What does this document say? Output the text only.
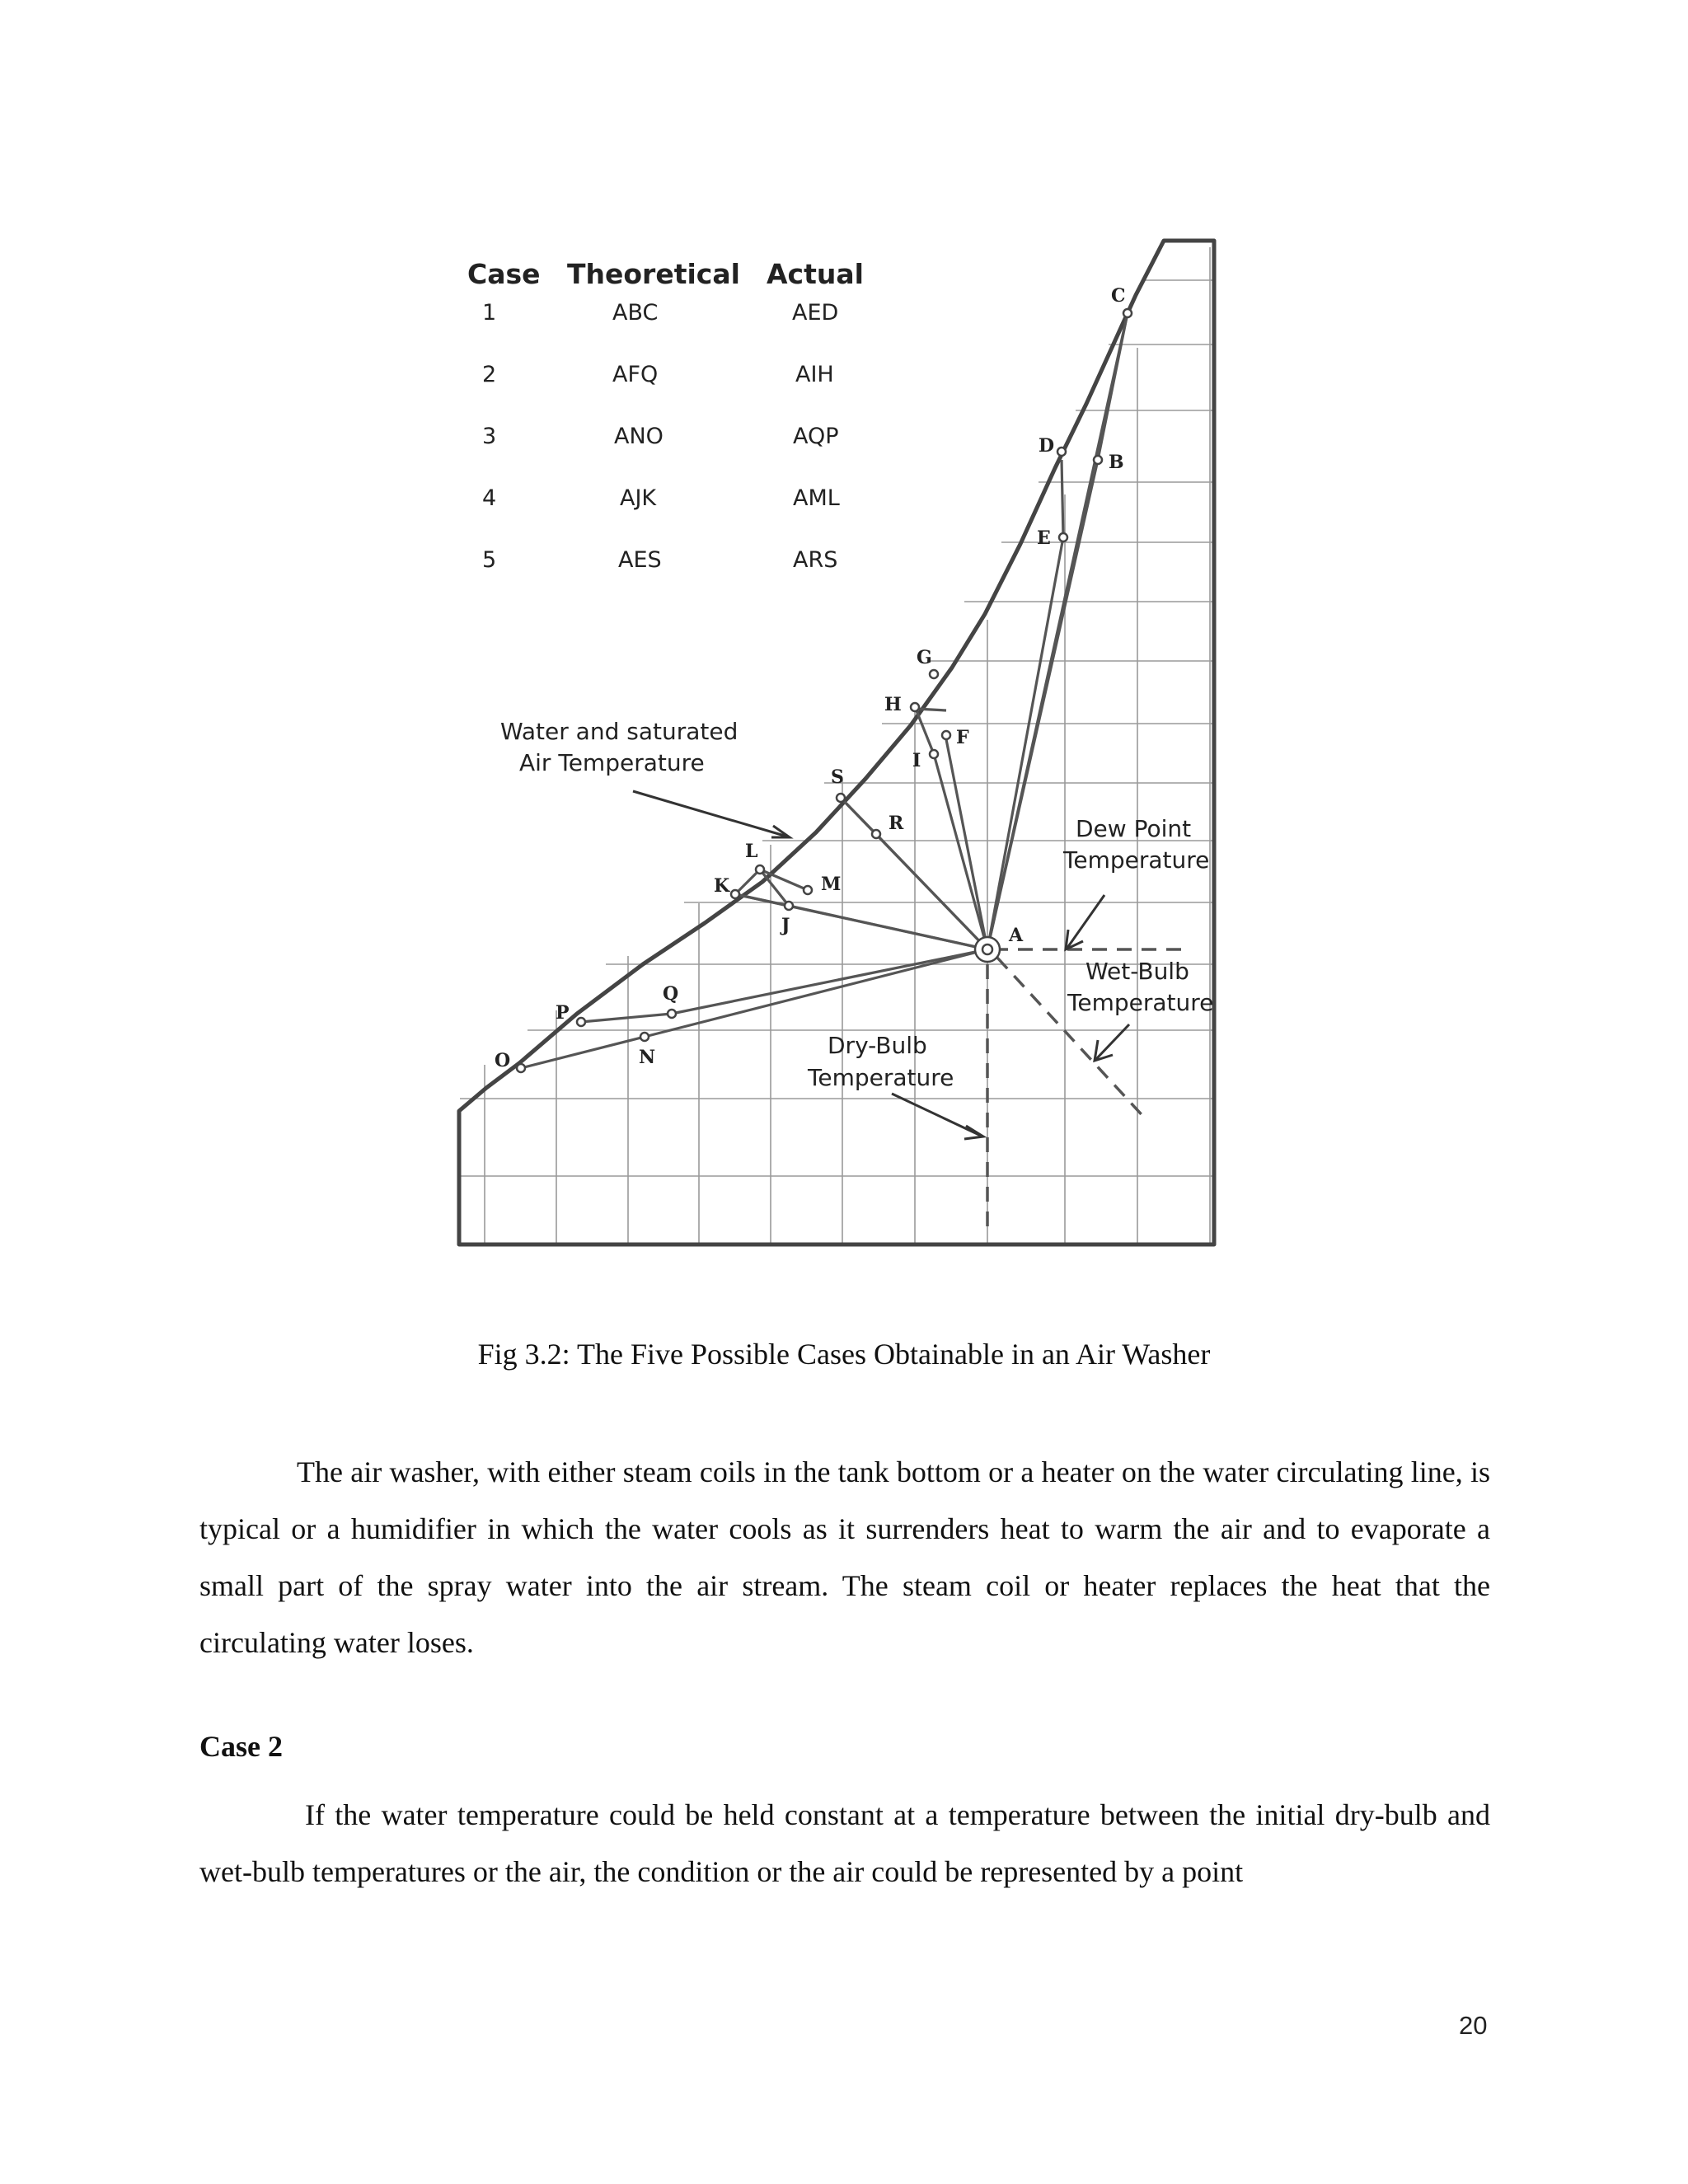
A
B
C
D
E
F
G
H
I
J
K
L
M
N
O
P
Q
R
S
Case Theoretical Actual
1	ABC	AED
2	AFQ	AIH
3	ANO	AQP
4	AJK	AML
5	AES	ARS
Water and saturated
Air Temperature
Dew Point
Temperature
Wet-Bulb
Temperature
Dry-Bulb
Temperature
Fig 3.2: The Five Possible Cases Obtainable in an Air Washer
The air washer, with either steam coils in the tank bottom or a heater on the water circulating line, is typical or a humidifier in which the water cools as it surrenders heat to warm the air and to evaporate a small part of the spray water into the air stream. The steam coil or heater replaces the heat that the circulating water loses.
Case 2
If the water temperature could be held constant at a temperature between the initial dry-bulb and wet-bulb temperatures or the air, the condition or the air could be represented by a point
20
